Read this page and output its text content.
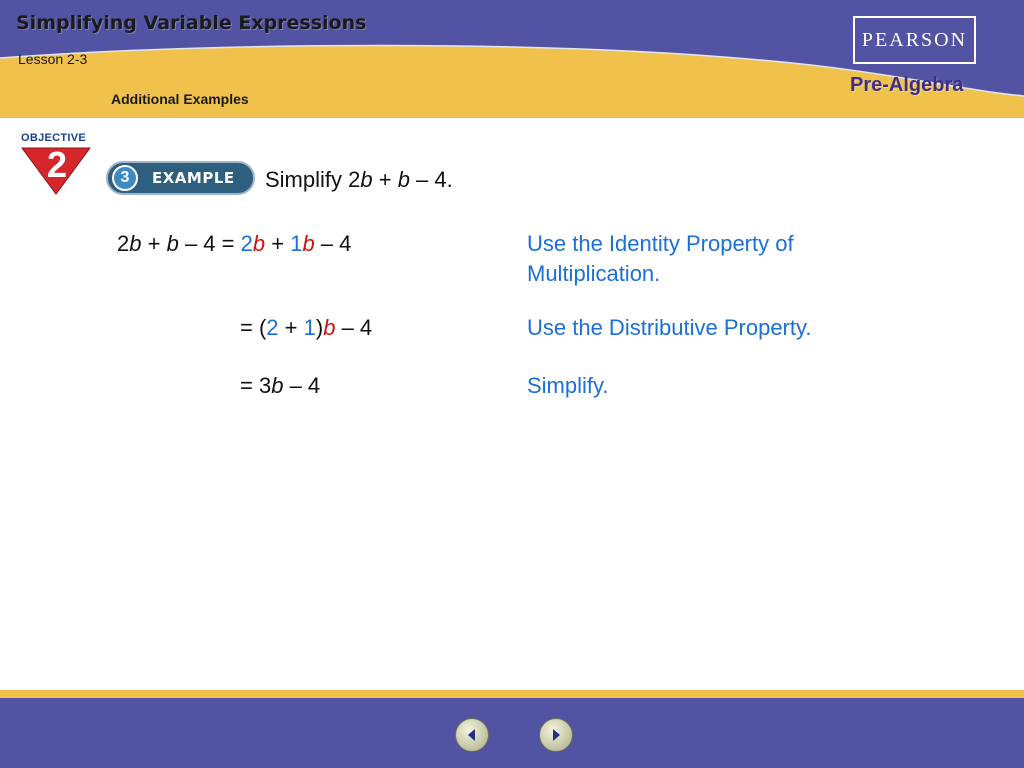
Simplifying Variable Expressions
Lesson 2-3
Additional Examples
PEARSON
Pre-Algebra
OBJECTIVE
2	3	EXAMPLE Simplify 2b + b – 4.
2b + b – 4 = 2b + 1b – 4	Use the Identity Property of
Multiplication.
= (2 + 1)b – 4	Use the Distributive Property.
= 3b – 4	Simplify.
